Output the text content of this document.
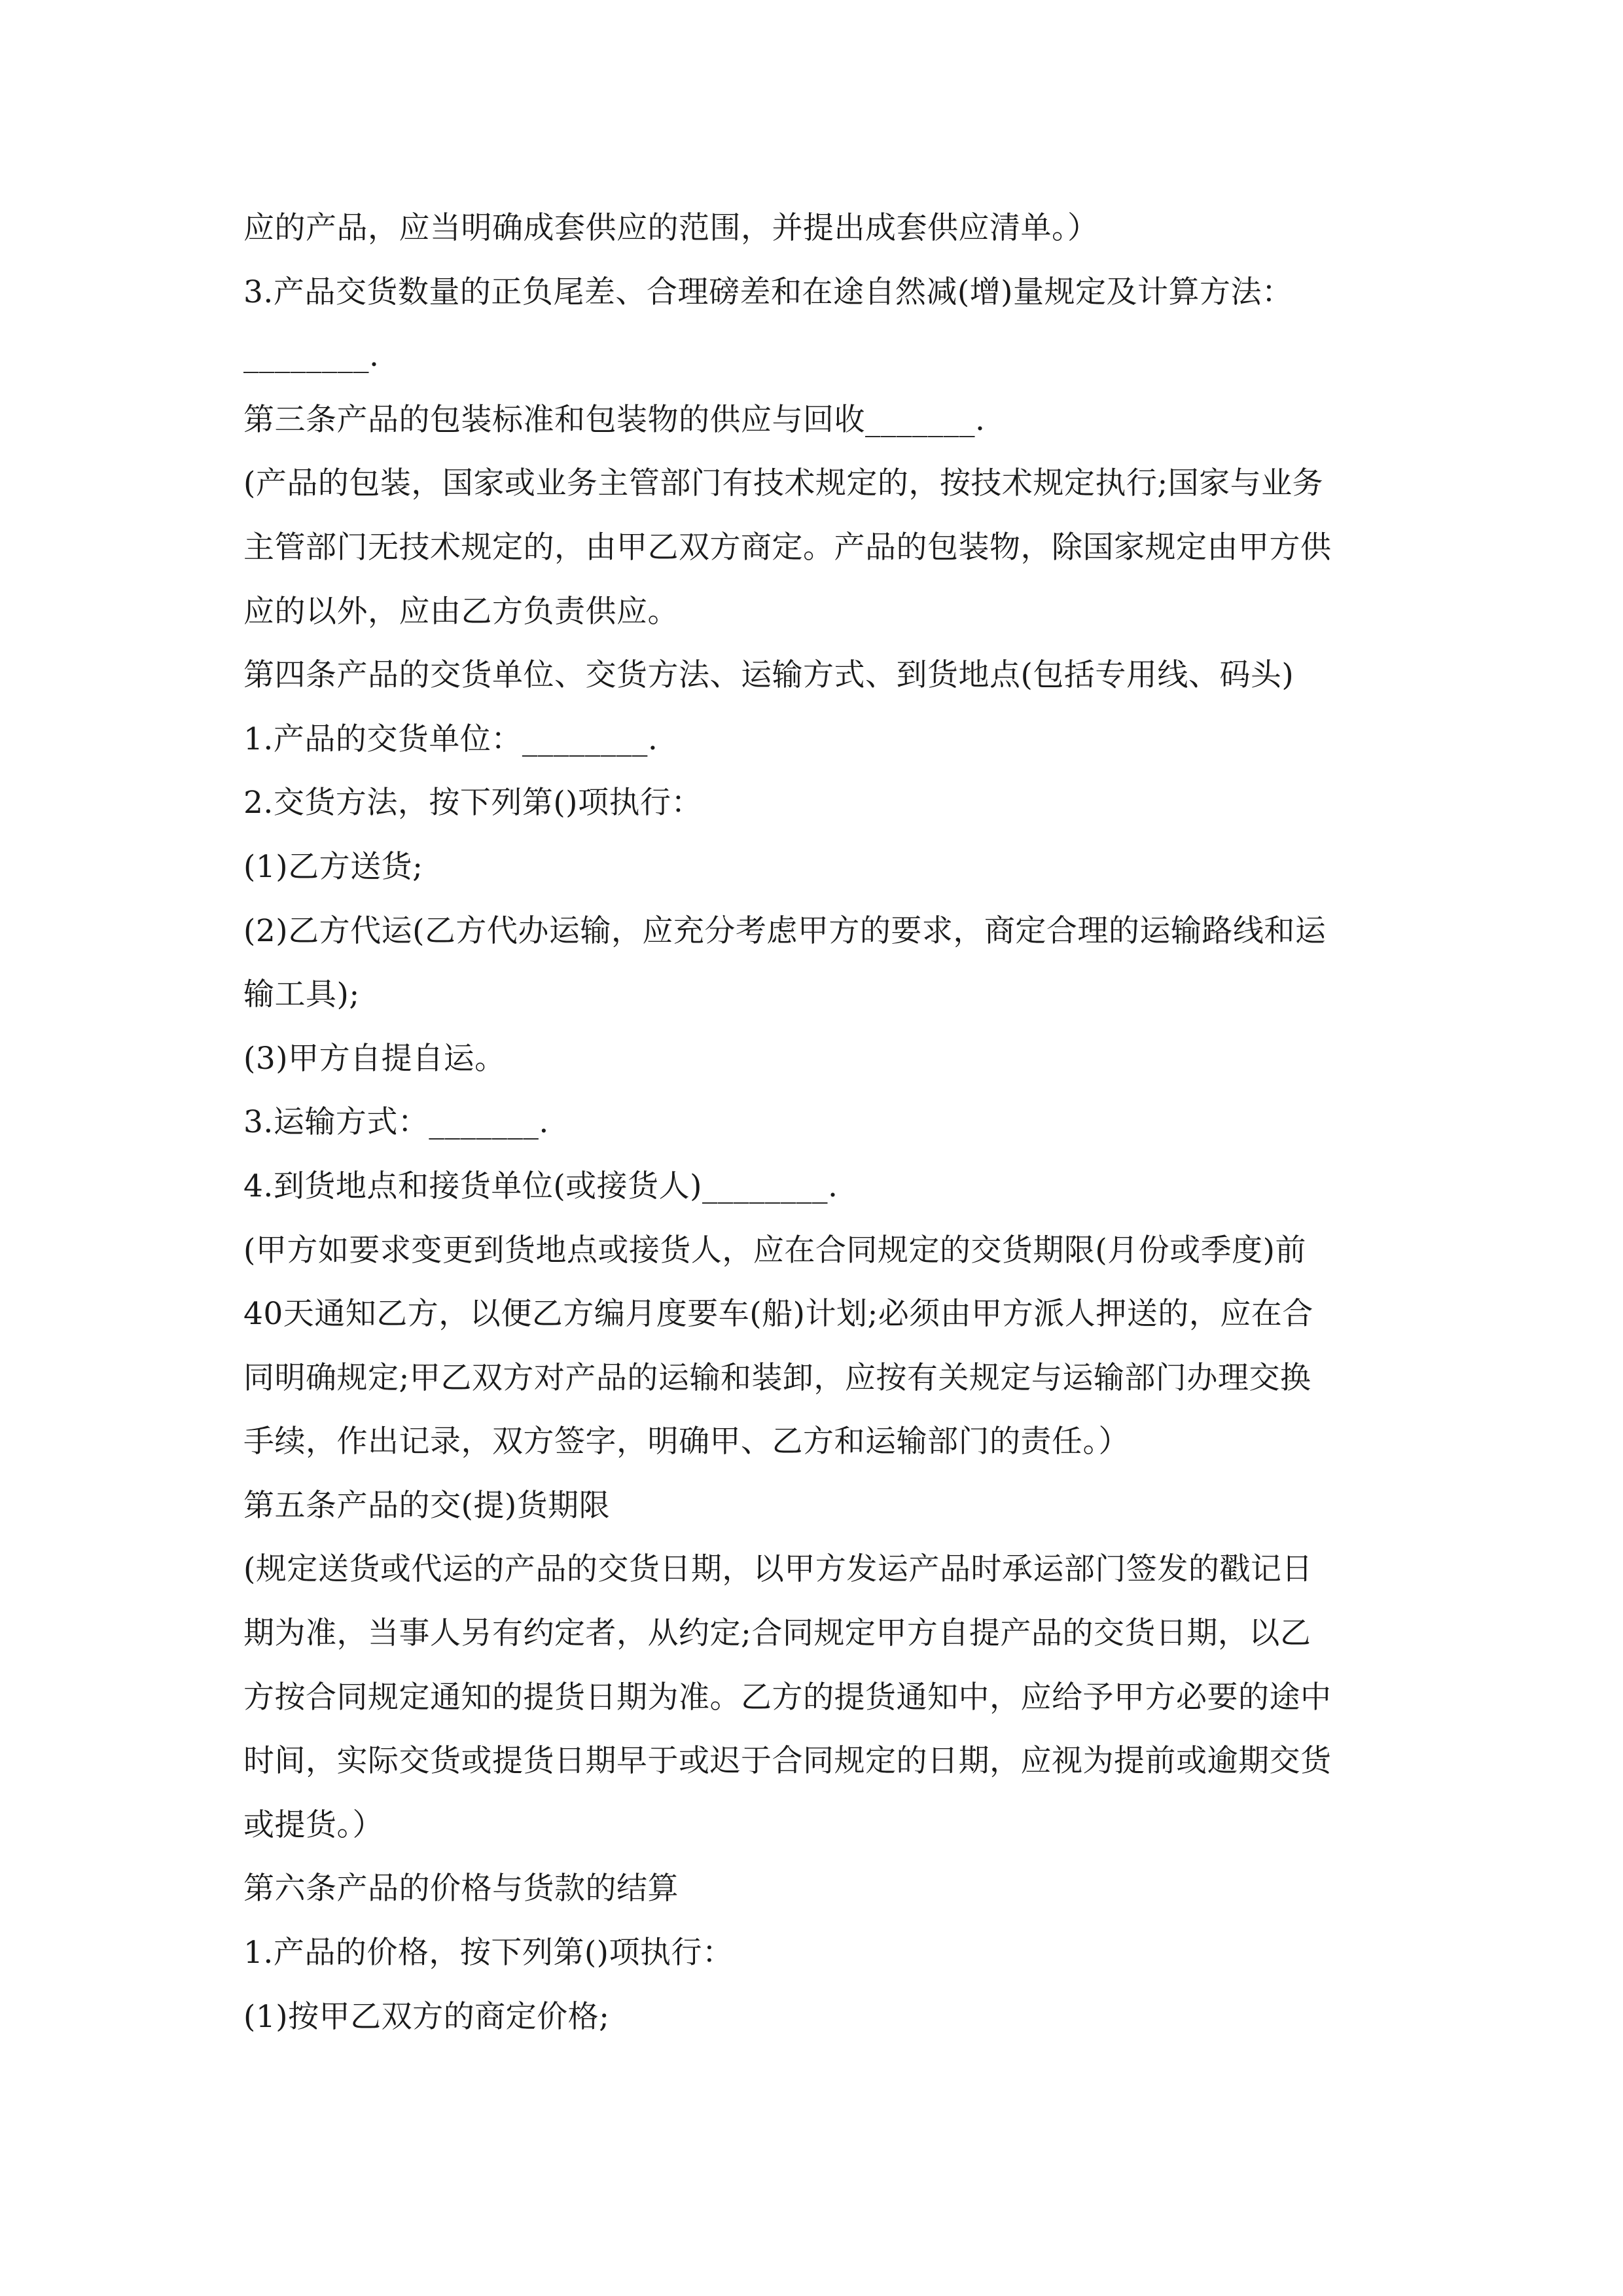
应的产品，应当明确成套供应的范围，并提出成套供应清单。）
3.产品交货数量的正负尾差、合理磅差和在途自然减(增)量规定及计算方法：
________.
第三条产品的包装标准和包装物的供应与回收_______.
(产品的包装，国家或业务主管部门有技术规定的，按技术规定执行;国家与业务
主管部门无技术规定的，由甲乙双方商定。产品的包装物，除国家规定由甲方供
应的以外，应由乙方负责供应。
第四条产品的交货单位、交货方法、运输方式、到货地点(包括专用线、码头)
1.产品的交货单位：________.
2.交货方法，按下列第()项执行：
(1)乙方送货;
(2)乙方代运(乙方代办运输，应充分考虑甲方的要求，商定合理的运输路线和运
输工具);
(3)甲方自提自运。
3.运输方式：_______.
4.到货地点和接货单位(或接货人)________.
(甲方如要求变更到货地点或接货人，应在合同规定的交货期限(月份或季度)前
40天通知乙方，以便乙方编月度要车(船)计划;必须由甲方派人押送的，应在合
同明确规定;甲乙双方对产品的运输和装卸，应按有关规定与运输部门办理交换
手续，作出记录，双方签字，明确甲、乙方和运输部门的责任。）
第五条产品的交(提)货期限
(规定送货或代运的产品的交货日期，以甲方发运产品时承运部门签发的戳记日
期为准，当事人另有约定者，从约定;合同规定甲方自提产品的交货日期，以乙
方按合同规定通知的提货日期为准。乙方的提货通知中，应给予甲方必要的途中
时间，实际交货或提货日期早于或迟于合同规定的日期，应视为提前或逾期交货
或提货。）
第六条产品的价格与货款的结算
1.产品的价格，按下列第()项执行：
(1)按甲乙双方的商定价格;
